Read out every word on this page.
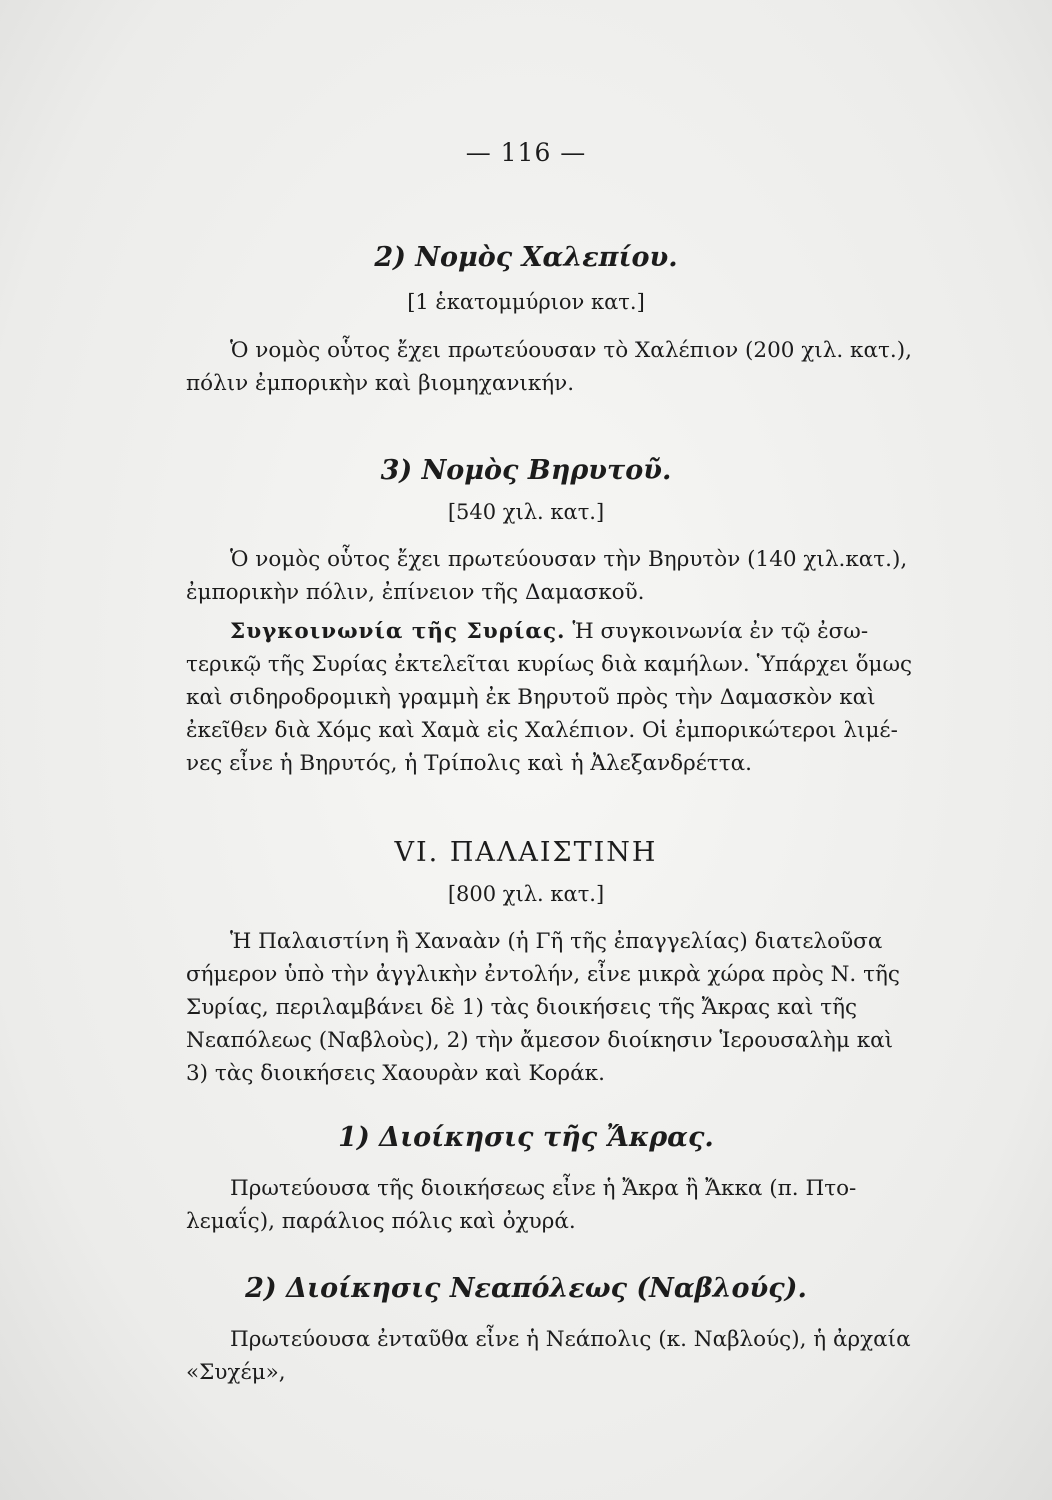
— 116 —
2) Νομὸς Χαλεπίου.
[1 ἑκατομμύριον κατ.]
Ὁ νομὸς οὗτος ἔχει πρωτεύουσαν τὸ Χαλέπιον (200 χιλ. κατ.),
πόλιν ἐμπορικὴν καὶ βιομηχανικήν.
3) Νομὸς Βηρυτοῦ.
[540 χιλ. κατ.]
Ὁ νομὸς οὗτος ἔχει πρωτεύουσαν τὴν Βηρυτὸν (140 χιλ.κατ.),
ἐμπορικὴν πόλιν, ἐπίνειον τῆς Δαμασκοῦ.
Συγκοινωνία τῆς Συρίας. Ἡ συγκοινωνία ἐν τῷ ἐσω-
τερικῷ τῆς Συρίας ἐκτελεῖται κυρίως διὰ καμήλων. Ὑπάρχει ὅμως
καὶ σιδηροδρομικὴ γραμμὴ ἐκ Βηρυτοῦ πρὸς τὴν Δαμασκὸν καὶ
ἐκεῖθεν διὰ Χόμς καὶ Χαμὰ εἰς Χαλέπιον. Οἱ ἐμπορικώτεροι λιμέ-
νες εἶνε ἡ Βηρυτός, ἡ Τρίπολις καὶ ἡ Ἀλεξανδρέττα.
VI. ΠΑΛΑΙΣΤΙΝΗ
[800 χιλ. κατ.]
Ἡ Παλαιστίνη ἢ Χαναὰν (ἡ Γῆ τῆς ἐπαγγελίας) διατελοῦσα
σήμερον ὑπὸ τὴν ἀγγλικὴν ἐντολήν, εἶνε μικρὰ χώρα πρὸς Ν. τῆς
Συρίας, περιλαμβάνει δὲ 1) τὰς διοικήσεις τῆς Ἄκρας καὶ τῆς
Νεαπόλεως (Ναβλοὺς), 2) τὴν ἄμεσον διοίκησιν Ἱερουσαλὴμ καὶ
3) τὰς διοικήσεις Χαουρὰν καὶ Κοράκ.
1) Διοίκησις τῆς Ἄκρας.
Πρωτεύουσα τῆς διοικήσεως εἶνε ἡ Ἄκρα ἢ Ἄκκα (π. Πτο-
λεμαΐς), παράλιος πόλις καὶ ὀχυρά.
2) Διοίκησις Νεαπόλεως (Ναβλούς).
Πρωτεύουσα ἐνταῦθα εἶνε ἡ Νεάπολις (κ. Ναβλούς), ἡ ἀρχαία
«Συχέμ»,
